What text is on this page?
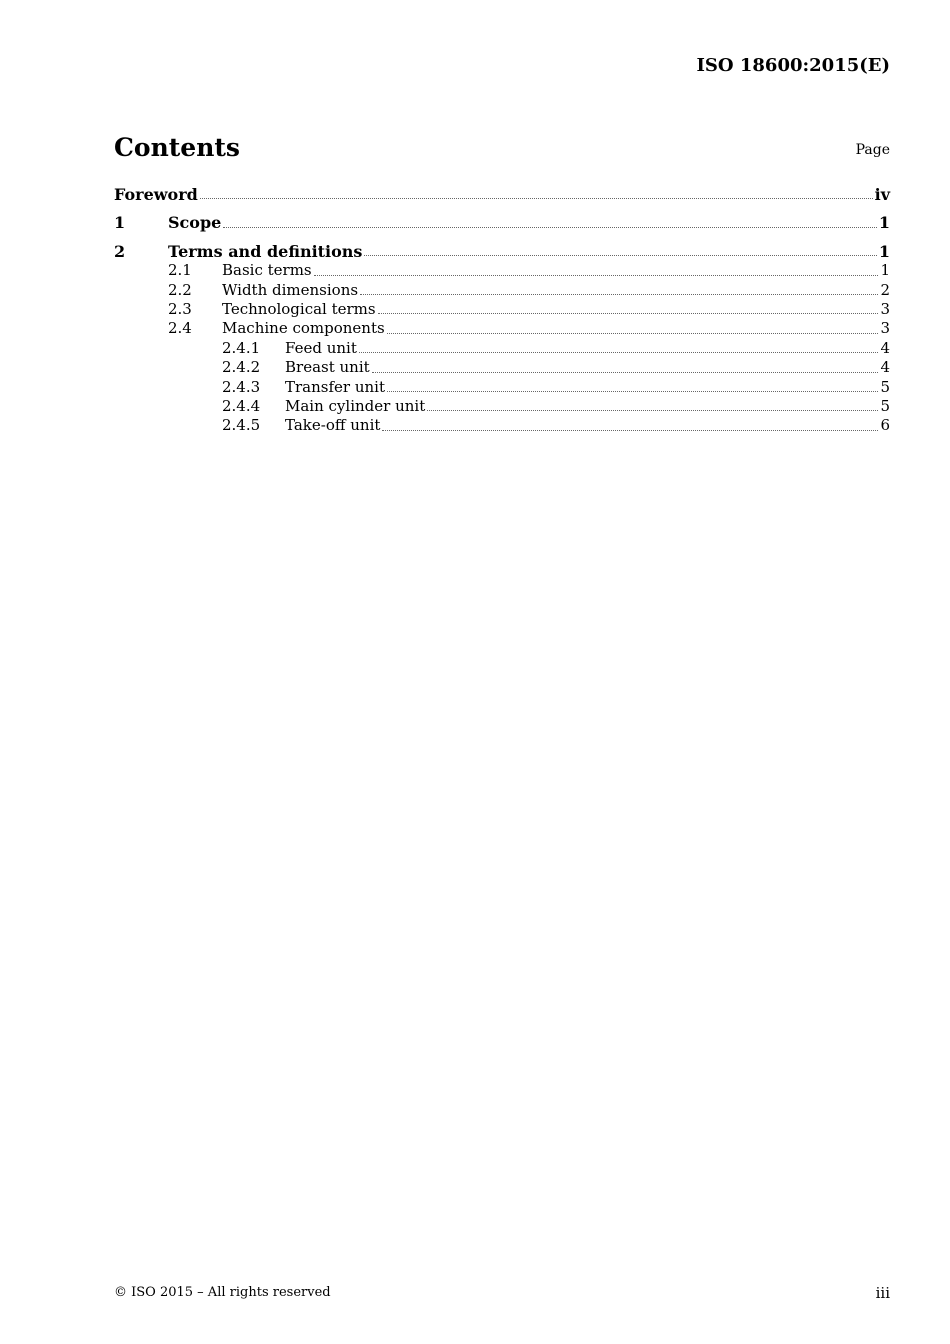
ISO 18600:2015(E)
Contents	Page
Foreword	iv
1	Scope	1
2	Terms and definitions	1
2.1	Basic terms	1
2.2	Width dimensions	2
2.3	Technological terms	3
2.4	Machine components	3
2.4.1	Feed unit	4
2.4.2	Breast unit	4
2.4.3	Transfer unit	5
2.4.4	Main cylinder unit	5
2.4.5	Take-off unit	6
© ISO 2015 – All rights reserved	iii
